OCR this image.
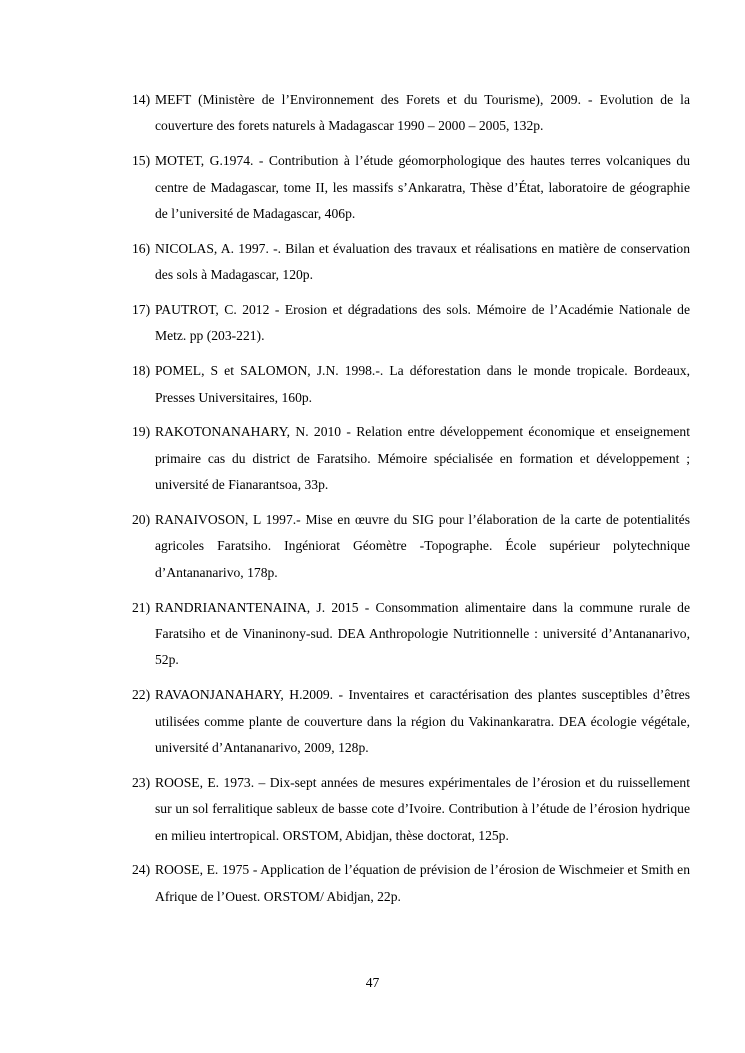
14) MEFT (Ministère de l’Environnement des Forets et du Tourisme), 2009. - Evolution de la couverture des forets naturels à Madagascar 1990 – 2000 – 2005, 132p.
15) MOTET, G.1974. - Contribution à l’étude géomorphologique des hautes terres volcaniques du centre de Madagascar, tome II, les massifs s’Ankaratra, Thèse d’État, laboratoire de géographie de l’université de Madagascar, 406p.
16) NICOLAS, A. 1997. -. Bilan et évaluation des travaux et réalisations en matière de conservation des sols à Madagascar, 120p.
17) PAUTROT, C. 2012 - Erosion et dégradations des sols. Mémoire de l’Académie Nationale de Metz. pp (203-221).
18) POMEL, S et SALOMON, J.N. 1998.-. La déforestation dans le monde tropicale. Bordeaux, Presses Universitaires, 160p.
19) RAKOTONANAHARY, N. 2010 - Relation entre développement économique et enseignement primaire cas du district de Faratsiho. Mémoire spécialisée en formation et développement ; université de Fianarantsoa, 33p.
20) RANAIVOSON, L 1997.- Mise en œuvre du SIG pour l’élaboration de la carte de potentialités agricoles Faratsiho. Ingéniorat Géomètre -Topographe. École supérieur polytechnique d’Antananarivo, 178p.
21) RANDRIANANTENAINA, J. 2015 - Consommation alimentaire dans la commune rurale de Faratsiho et de Vinaninony-sud. DEA Anthropologie Nutritionnelle : université d’Antananarivo, 52p.
22) RAVAONJANAHARY, H.2009. - Inventaires et caractérisation des plantes susceptibles d’êtres utilisées comme plante de couverture dans la région du Vakinankaratra. DEA écologie végétale, université d’Antananarivo, 2009, 128p.
23) ROOSE, E. 1973. – Dix-sept années de mesures expérimentales de l’érosion et du ruissellement sur un sol ferralitique sableux de basse cote d’Ivoire. Contribution à l’étude de l’érosion hydrique en milieu intertropical. ORSTOM, Abidjan, thèse doctorat, 125p.
24) ROOSE, E. 1975 - Application de l’équation de prévision de l’érosion de Wischmeier et Smith en Afrique de l’Ouest. ORSTOM/ Abidjan, 22p.
47
